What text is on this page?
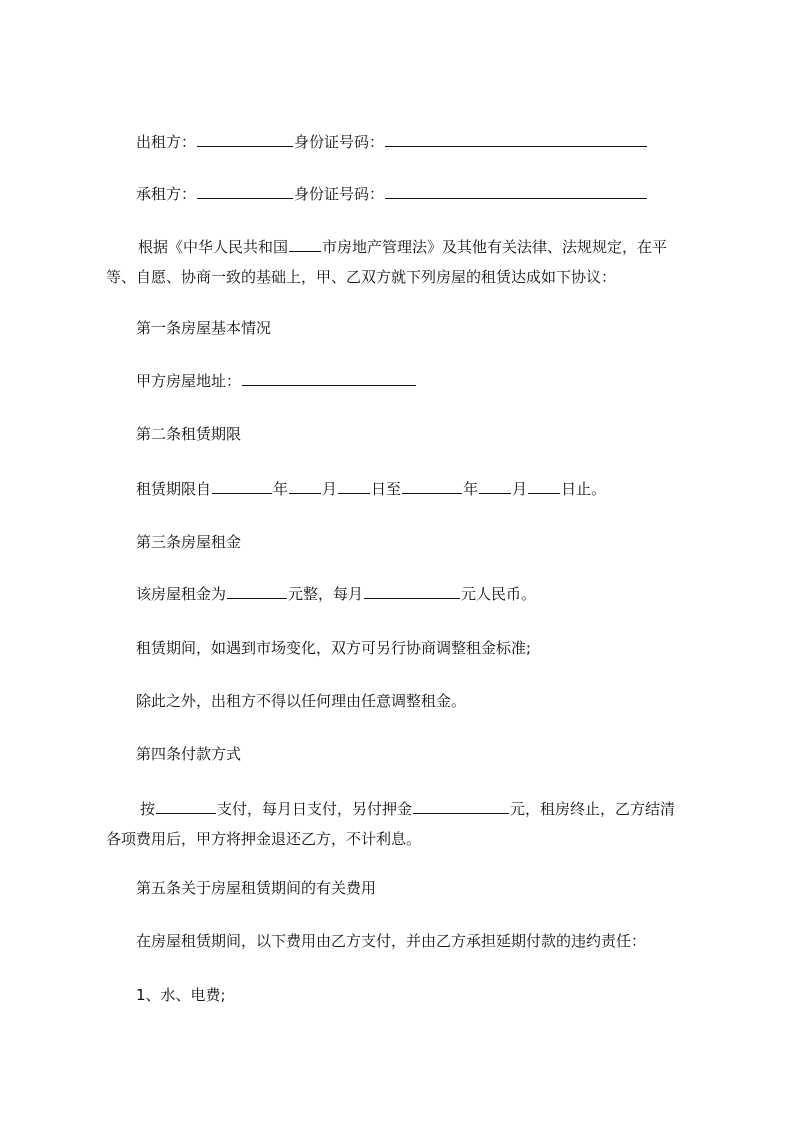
出租方：	身份证号码：
承租方：	身份证号码：
根据《中华人民共和国 市房地产管理法》及其他有关法律、法规规定，在平
等、自愿、协商一致的基础上，甲、乙双方就下列房屋的租赁达成如下协议：
第一条房屋基本情况
甲方房屋地址：
第二条租赁期限
租赁期限自	年 月 日至	年 月 日止。
第三条房屋租金
该房屋租金为	元整，每月	元人民币。
租赁期间，如遇到市场变化，双方可另行协商调整租金标准;
除此之外，出租方不得以任何理由任意调整租金。
第四条付款方式
按	支付，每月日支付，另付押金	元，租房终止，乙方结清
各项费用后，甲方将押金退还乙方，不计利息。
第五条关于房屋租赁期间的有关费用
在房屋租赁期间，以下费用由乙方支付，并由乙方承担延期付款的违约责任：
1、水、电费;
